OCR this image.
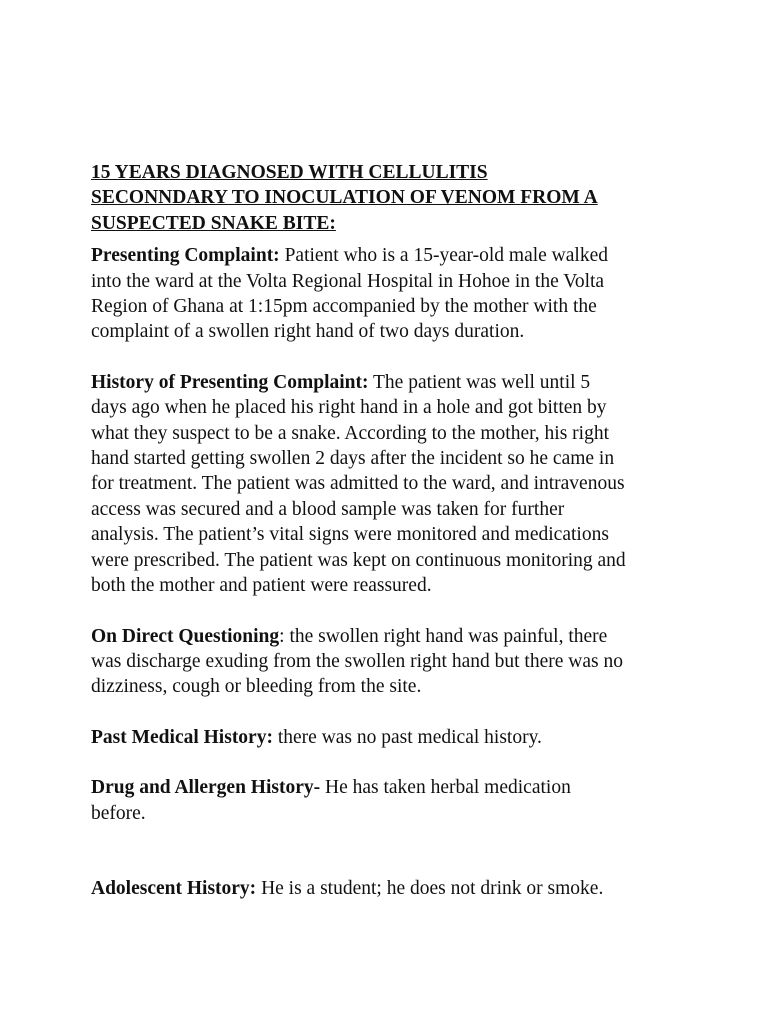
15 YEARS DIAGNOSED WITH CELLULITIS
SECONNDARY TO INOCULATION OF VENOM FROM A
SUSPECTED SNAKE BITE:
Presenting Complaint: Patient who is a 15-year-old male walked
into the ward at the Volta Regional Hospital in Hohoe in the Volta
Region of Ghana at 1:15pm accompanied by the mother with the
complaint of a swollen right hand of two days duration.
History of Presenting Complaint: The patient was well until 5
days ago when he placed his right hand in a hole and got bitten by
what they suspect to be a snake. According to the mother, his right
hand started getting swollen 2 days after the incident so he came in
for treatment. The patient was admitted to the ward, and intravenous
access was secured and a blood sample was taken for further
analysis. The patient’s vital signs were monitored and medications
were prescribed. The patient was kept on continuous monitoring and
both the mother and patient were reassured.
On Direct Questioning: the swollen right hand was painful, there
was discharge exuding from the swollen right hand but there was no
dizziness, cough or bleeding from the site.
Past Medical History: there was no past medical history.
Drug and Allergen History- He has taken herbal medication
before.
Adolescent History: He is a student; he does not drink or smoke.
